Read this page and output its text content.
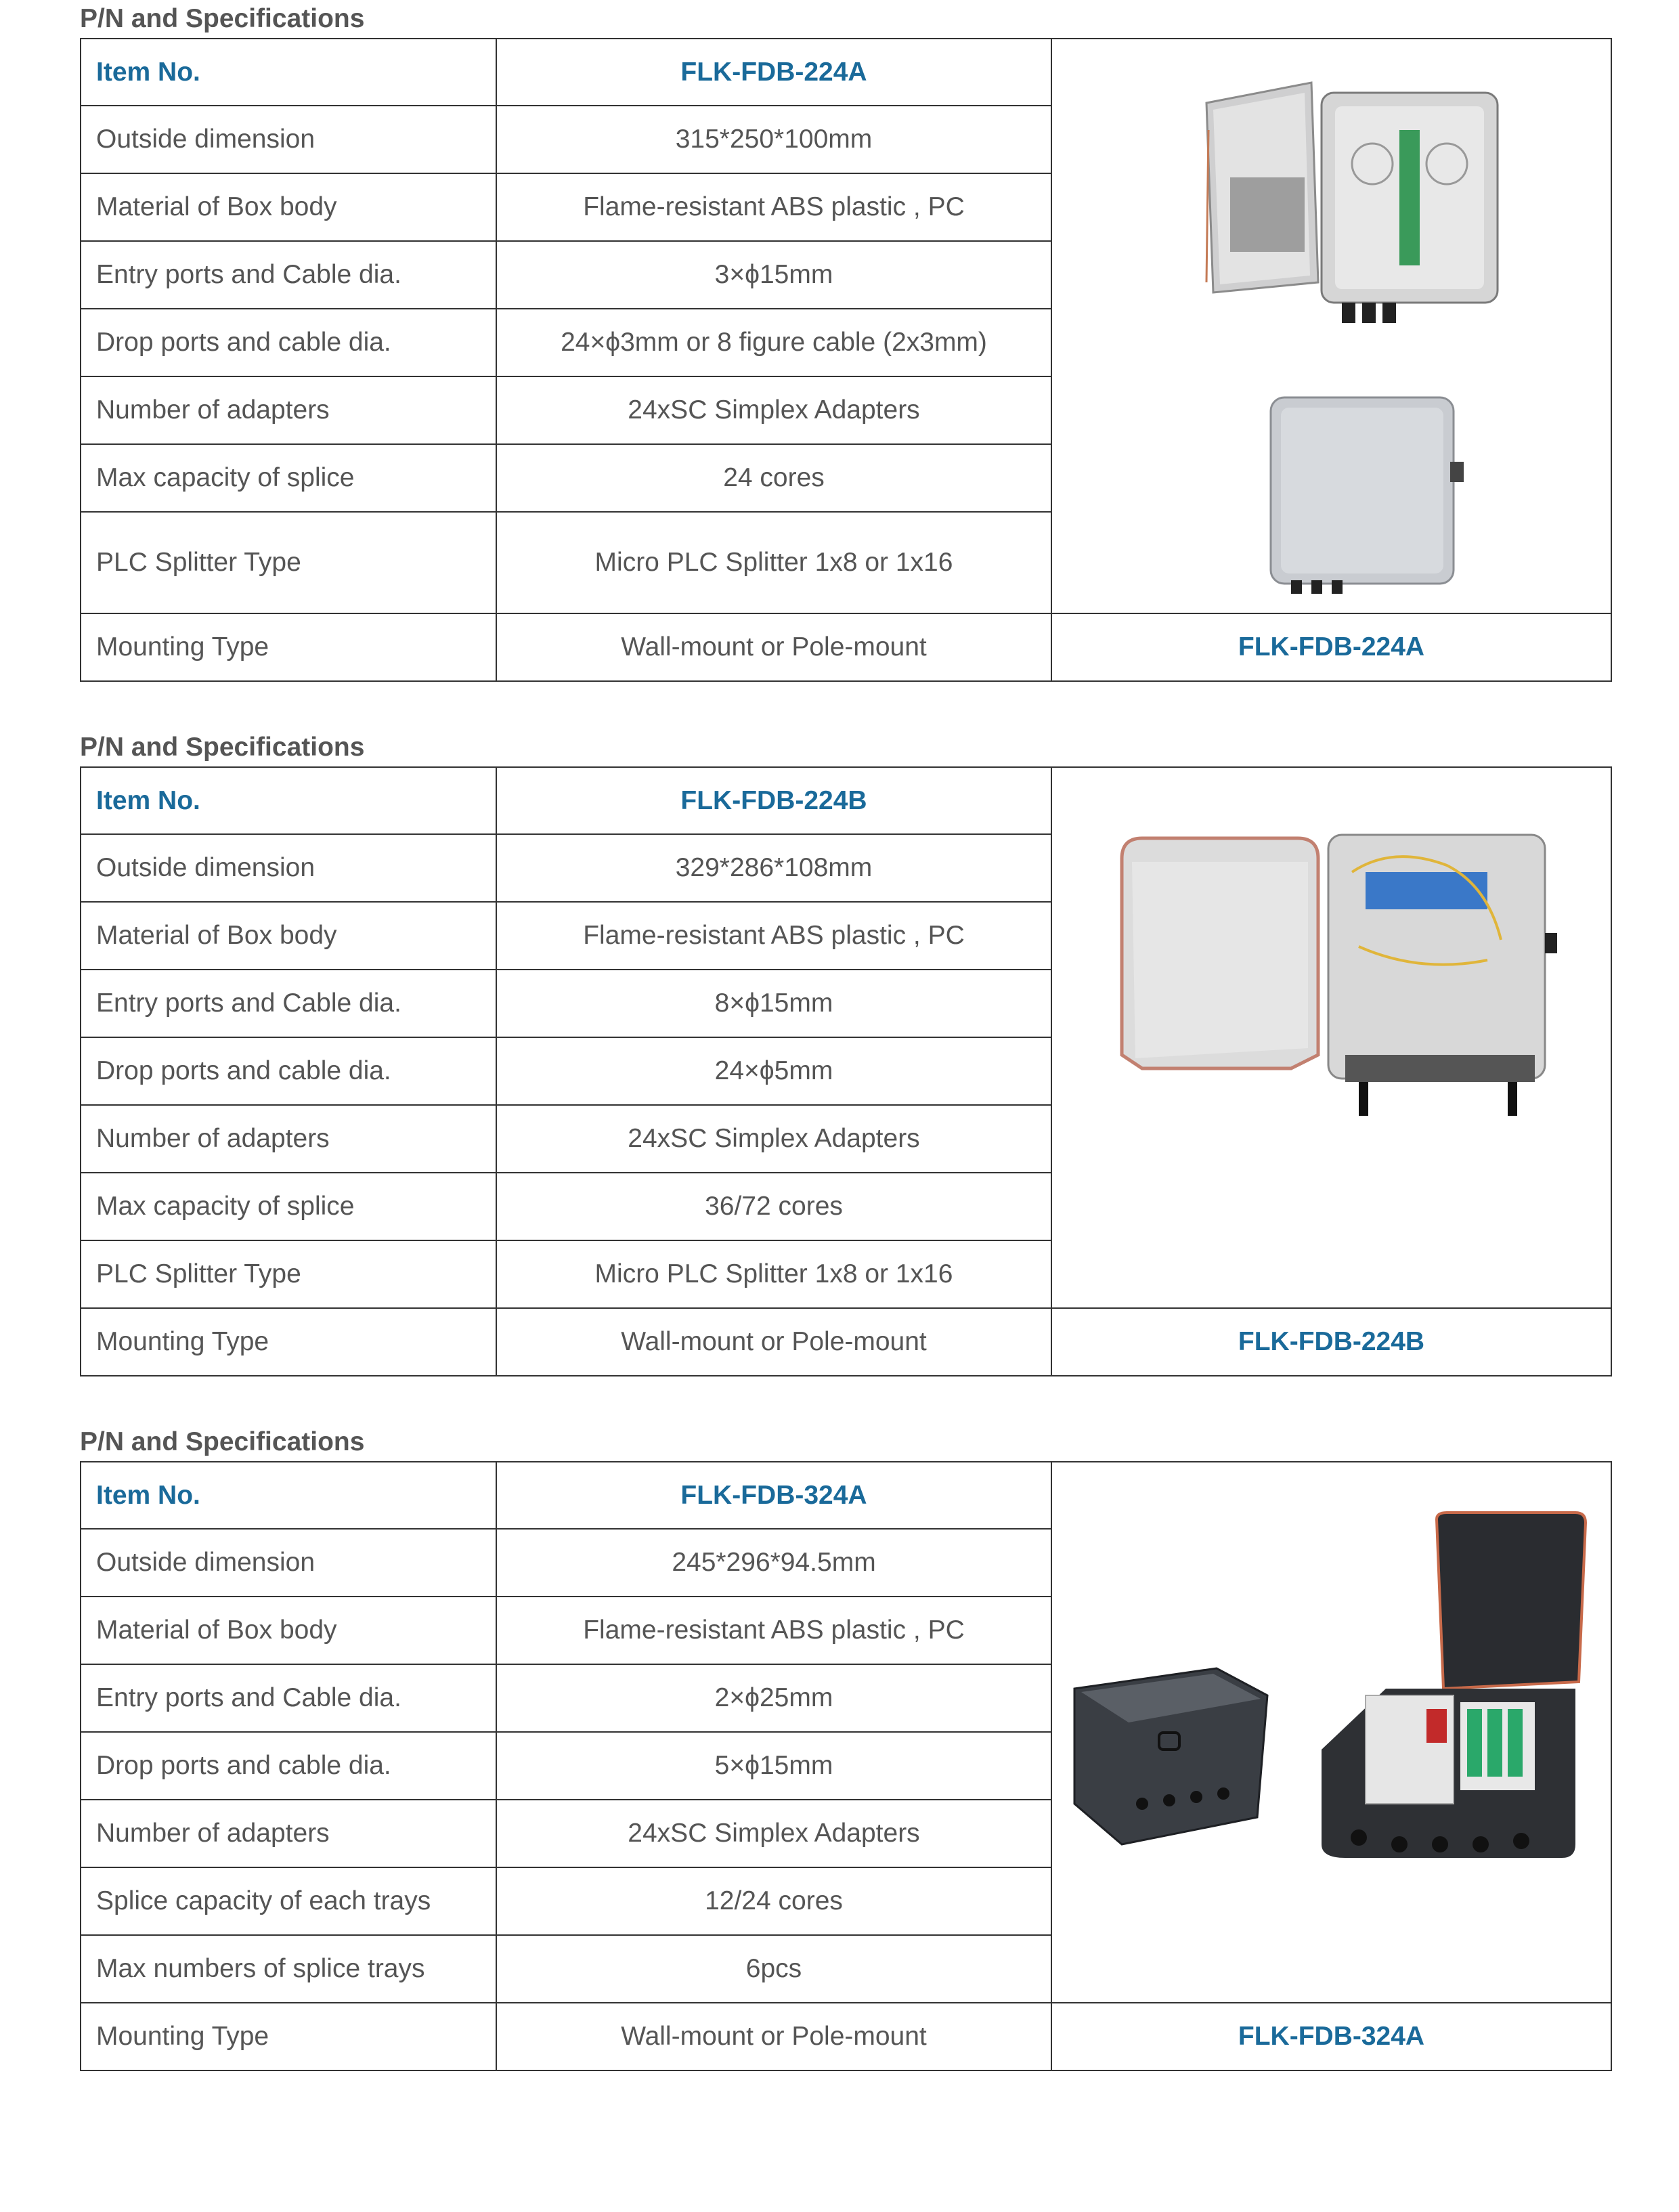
P/N and Specifications
Item No.	FLK-FDB-224A	

Outside dimension	315*250*100mm	
Material of Box body	Flame-resistant ABS plastic , PC	
Entry ports and Cable dia.	3×ϕ15mm	
Drop ports and cable dia.	24×ϕ3mm or 8 figure cable (2x3mm)	
Number of adapters	24xSC Simplex Adapters	
Max capacity of splice	24 cores	
PLC Splitter Type	Micro PLC Splitter 1x8 or 1x16	
Mounting Type	Wall-mount or Pole-mount	FLK-FDB-224A
P/N and Specifications
Item No.	FLK-FDB-224B	

Outside dimension	329*286*108mm	
Material of Box body	Flame-resistant ABS plastic , PC	
Entry ports and Cable dia.	8×ϕ15mm	
Drop ports and cable dia.	24×ϕ5mm	
Number of adapters	24xSC Simplex Adapters	
Max capacity of splice	36/72 cores	
PLC Splitter Type	Micro PLC Splitter 1x8 or 1x16	
Mounting Type	Wall-mount or Pole-mount	FLK-FDB-224B
P/N and Specifications
Item No.	FLK-FDB-324A	

Outside dimension	245*296*94.5mm	
Material of Box body	Flame-resistant ABS plastic , PC	
Entry ports and Cable dia.	2×ϕ25mm	
Drop ports and cable dia.	5×ϕ15mm	
Number of adapters	24xSC Simplex Adapters	
Splice capacity of each trays	12/24 cores	
Max numbers of splice trays	6pcs	
Mounting Type	Wall-mount or Pole-mount	FLK-FDB-324A
